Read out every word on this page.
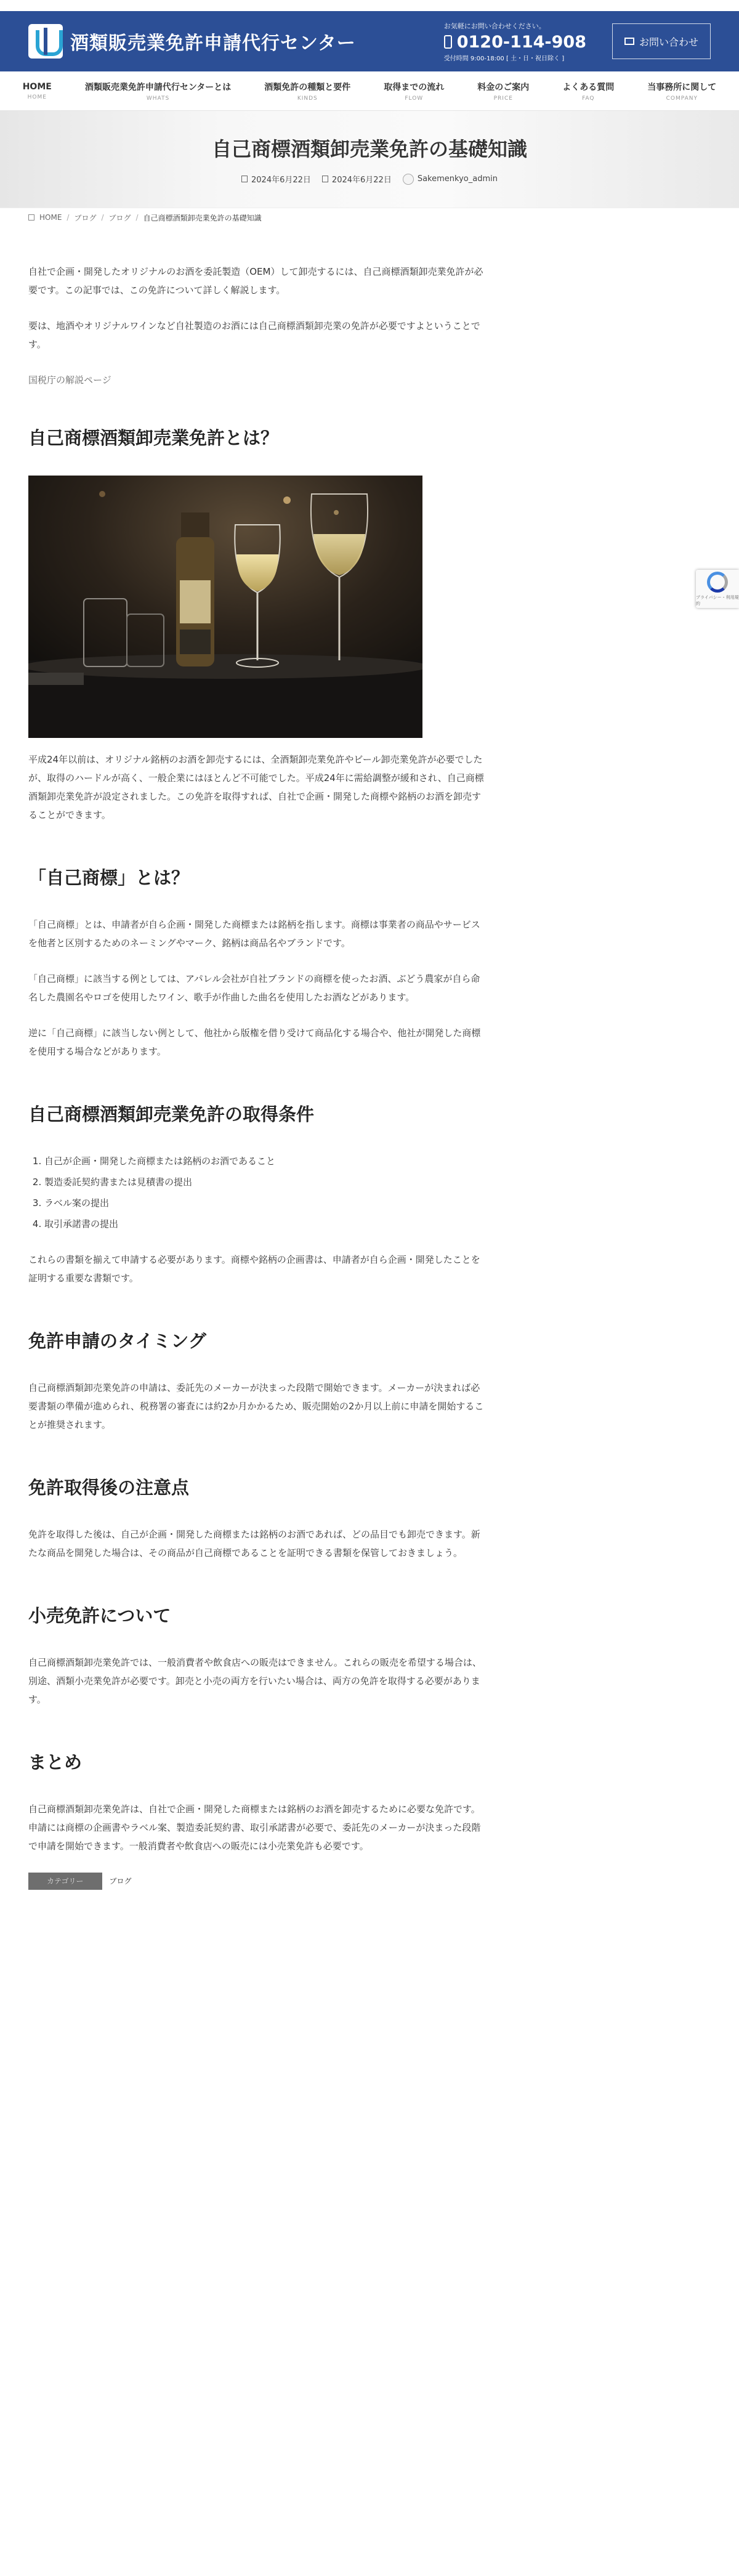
酒類販売業免許申請代行センター
お気軽にお問い合わせください。
0120-114-908
受付時間 9:00-18:00 [ 土・日・祝日除く ]
お問い合わせ
HOME
HOME
酒類販売業免許申請代行センターとは
WHATS
酒類免許の種類と要件
KINDS
取得までの流れ
FLOW
料金のご案内
PRICE
よくある質問
FAQ
当事務所に関して
COMPANY
自己商標酒類卸売業免許の基礎知識
2024年6月22日	2024年6月22日	Sakemenkyo_admin
HOME / ブログ / ブログ / 自己商標酒類卸売業免許の基礎知識

自社で企画・開発したオリジナルのお酒を委託製造（OEM）して卸売するには、自己商標酒類卸売業免許が必要です。この記事では、この免許について詳しく解説します。

要は、地酒やオリジナルワインなど自社製造のお酒には自己商標酒類卸売業の免許が必要ですよということです。

国税庁の解説ページ

自己商標酒類卸売業免許とは？

平成24年以前は、オリジナル銘柄のお酒を卸売するには、全酒類卸売業免許やビール卸売業免許が必要でしたが、取得のハードルが高く、一般企業にはほとんど不可能でした。平成24年に需給調整が緩和され、自己商標酒類卸売業免許が設定されました。この免許を取得すれば、自社で企画・開発した商標や銘柄のお酒を卸売することができます。

「自己商標」とは？

「自己商標」とは、申請者が自ら企画・開発した商標または銘柄を指します。商標は事業者の商品やサービスを他者と区別するためのネーミングやマーク、銘柄は商品名やブランドです。

「自己商標」に該当する例としては、アパレル会社が自社ブランドの商標を使ったお酒、ぶどう農家が自ら命名した農園名やロゴを使用したワイン、歌手が作曲した曲名を使用したお酒などがあります。

逆に「自己商標」に該当しない例として、他社から版権を借り受けて商品化する場合や、他社が開発した商標を使用する場合などがあります。

自己商標酒類卸売業免許の取得条件
1. 自己が企画・開発した商標または銘柄のお酒であること
2. 製造委託契約書または見積書の提出
3. ラベル案の提出
4. 取引承諾書の提出

これらの書類を揃えて申請する必要があります。商標や銘柄の企画書は、申請者が自ら企画・開発したことを証明する重要な書類です。

免許申請のタイミング

自己商標酒類卸売業免許の申請は、委託先のメーカーが決まった段階で開始できます。メーカーが決まれば必要書類の準備が進められ、税務署の審査には約2か月かかるため、販売開始の2か月以上前に申請を開始することが推奨されます。

免許取得後の注意点

免許を取得した後は、自己が企画・開発した商標または銘柄のお酒であれば、どの品目でも卸売できます。新たな商品を開発した場合は、その商品が自己商標であることを証明できる書類を保管しておきましょう。

小売免許について

自己商標酒類卸売業免許では、一般消費者や飲食店への販売はできません。これらの販売を希望する場合は、別途、酒類小売業免許が必要です。卸売と小売の両方を行いたい場合は、両方の免許を取得する必要があります。

まとめ

自己商標酒類卸売業免許は、自社で企画・開発した商標または銘柄のお酒を卸売するために必要な免許です。申請には商標の企画書やラベル案、製造委託契約書、取引承諾書が必要で、委託先のメーカーが決まった段階で申請を開始できます。一般消費者や飲食店への販売には小売業免許も必要です。

カテゴリー	ブログ
プライバシー・利用規約
